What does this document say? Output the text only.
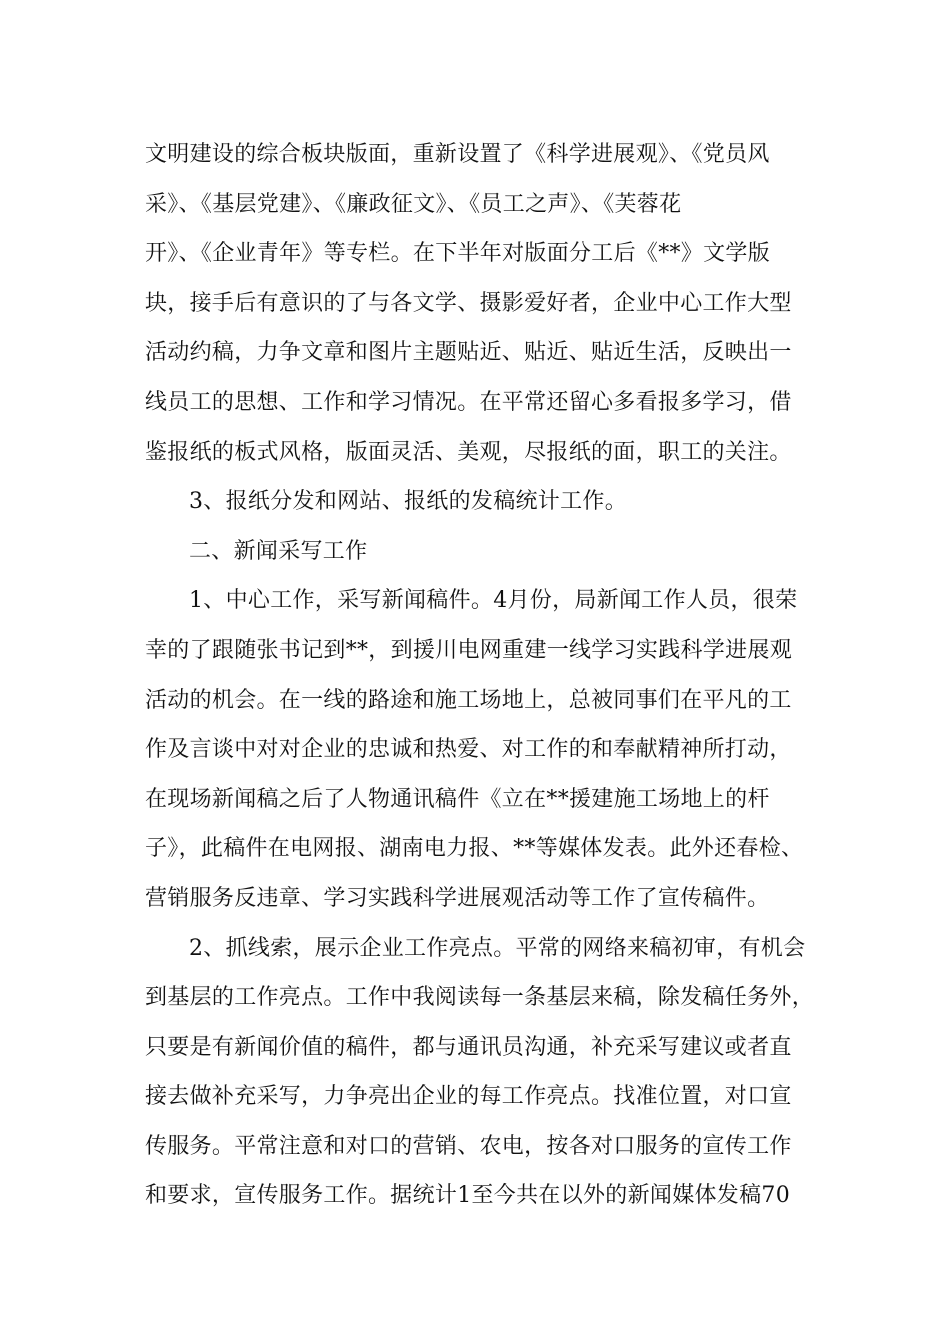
文明建设的综合板块版面，重新设置了《科学进展观》、《党员风
采》、《基层党建》、《廉政征文》、《员工之声》、《芙蓉花
开》、《企业青年》等专栏。在下半年对版面分工后《**》文学版
块，接手后有意识的了与各文学、摄影爱好者，企业中心工作大型
活动约稿，力争文章和图片主题贴近、贴近、贴近生活，反映出一
线员工的思想、工作和学习情况。在平常还留心多看报多学习，借
鉴报纸的板式风格，版面灵活、美观，尽报纸的面，职工的关注。
3、报纸分发和网站、报纸的发稿统计工作。
二、新闻采写工作
1、中心工作，采写新闻稿件。4月份，局新闻工作人员，很荣
幸的了跟随张书记到**，到援川电网重建一线学习实践科学进展观
活动的机会。在一线的路途和施工场地上，总被同事们在平凡的工
作及言谈中对对企业的忠诚和热爱、对工作的和奉献精神所打动，
在现场新闻稿之后了人物通讯稿件《立在**援建施工场地上的杆
子》，此稿件在电网报、湖南电力报、**等媒体发表。此外还春检、
营销服务反违章、学习实践科学进展观活动等工作了宣传稿件。
2、抓线索，展示企业工作亮点。平常的网络来稿初审，有机会
到基层的工作亮点。工作中我阅读每一条基层来稿，除发稿任务外，
只要是有新闻价值的稿件，都与通讯员沟通，补充采写建议或者直
接去做补充采写，力争亮出企业的每工作亮点。找准位置，对口宣
传服务。平常注意和对口的营销、农电，按各对口服务的宣传工作
和要求，宣传服务工作。据统计1至今共在以外的新闻媒体发稿70
